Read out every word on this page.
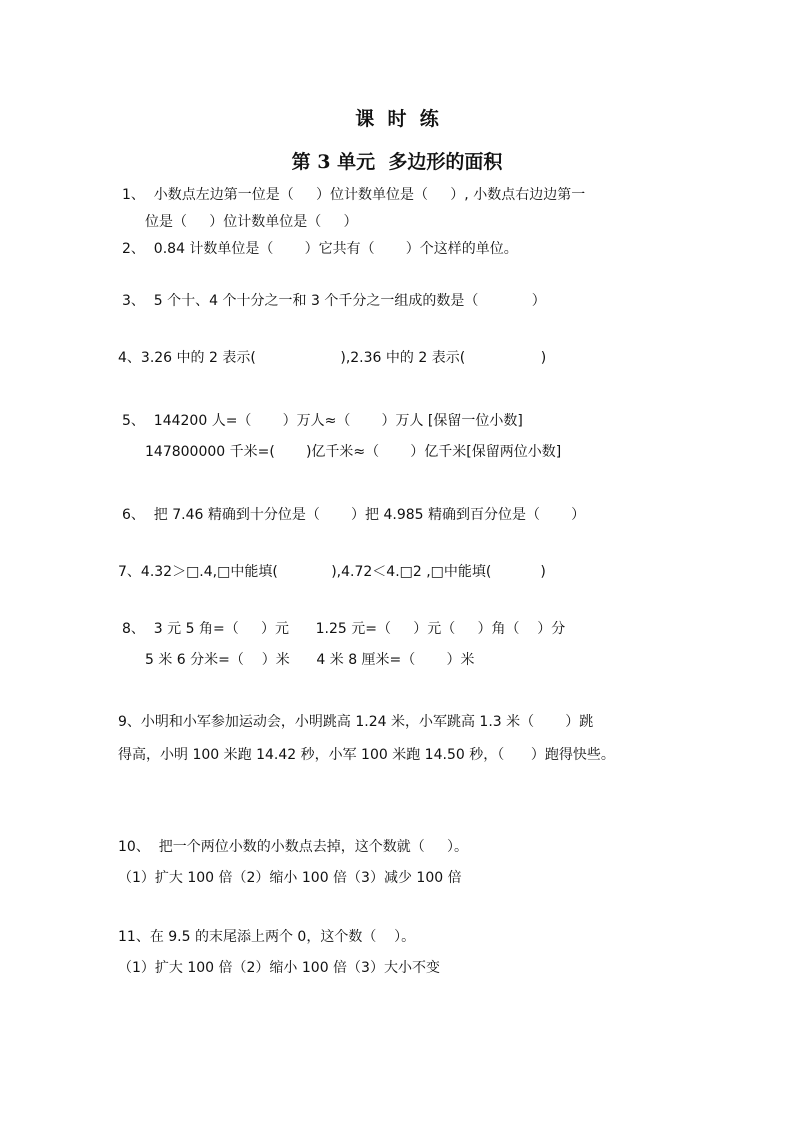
课  时  练
第 3 单元  多边形的面积
1、  小数点左边第一位是（     ）位计数单位是（     ）, 小数点右边边第一
位是（     ）位计数单位是（     ）
2、  0.84 计数单位是（       ）它共有（       ）个这样的单位。
3、  5 个十、4 个十分之一和 3 个千分之一组成的数是（            ）
4、3.26 中的 2 表示(                   ),2.36 中的 2 表示(                 )
5、  144200 人=（       ）万人≈（       ）万人 [保留一位小数]
147800000 千米=(       )亿千米≈（       ）亿千米[保留两位小数]
6、  把 7.46 精确到十分位是（       ）把 4.985 精确到百分位是（       ）
7、4.32＞□.4,□中能填(            ),4.72＜4.□2 ,□中能填(           )
8、  3 元 5 角=（     ）元      1.25 元=（     ）元（     ）角（    ）分
5 米 6 分米=（    ）米      4 米 8 厘米=（       ）米
9、小明和小军参加运动会，小明跳高 1.24 米，小军跳高 1.3 米（       ）跳
得高，小明 100 米跑 14.42 秒，小军 100 米跑 14.50 秒，（      ）跑得快些。
10、  把一个两位小数的小数点去掉，这个数就（     ）。
（1）扩大 100 倍（2）缩小 100 倍（3）减少 100 倍
11、在 9.5 的末尾添上两个 0，这个数（    ）。
（1）扩大 100 倍（2）缩小 100 倍（3）大小不变
